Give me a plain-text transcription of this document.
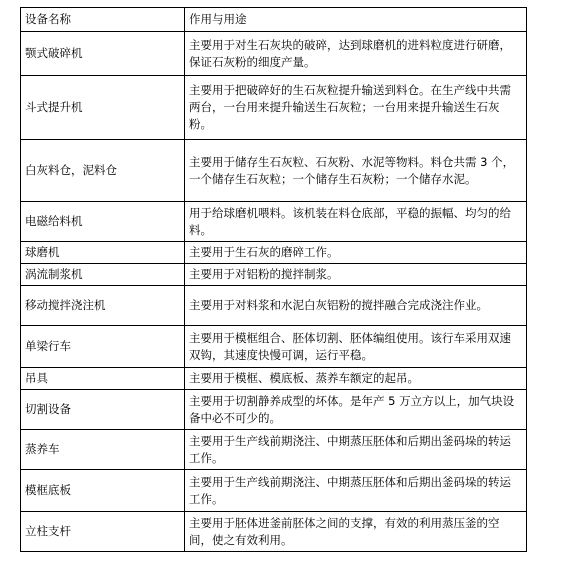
设备名称	作用与用途
颚式破碎机	主要用于对生石灰块的破碎，达到球磨机的进料粒度进行研磨，保证石灰粉的细度产量。
斗式提升机	主要用于把破碎好的生石灰粒提升输送到料仓。在生产线中共需两台，一台用来提升输送生石灰粒；一台用来提升输送生石灰粉。
白灰料仓，泥料仓	主要用于储存生石灰粒、石灰粉、水泥等物料。料仓共需 3 个，一个储存生石灰粒；一个储存生石灰粉；一个储存水泥。
电磁给料机	用于给球磨机喂料。该机装在料仓底部，平稳的振幅、均匀的给料。
球磨机	主要用于生石灰的磨碎工作。
涡流制浆机	主要用于对铝粉的搅拌制浆。
移动搅拌浇注机	主要用于对料浆和水泥白灰铝粉的搅拌融合完成浇注作业。
单梁行车	主要用于模框组合、胚体切割、胚体编组使用。该行车采用双速双钩，其速度快慢可调，运行平稳。
吊具	主要用于模框、模底板、蒸养车额定的起吊。
切割设备	主要用于切割静养成型的坏体。是年产 5 万立方以上，加气块设备中必不可少的。
蒸养车	主要用于生产线前期浇注、中期蒸压胚体和后期出釜码垛的转运工作。
模框底板	主要用于生产线前期浇注、中期蒸压胚体和后期出釜码垛的转运工作。
立柱支杆	主要用于胚体进釜前胚体之间的支撑，有效的利用蒸压釜的空间，使之有效利用。
